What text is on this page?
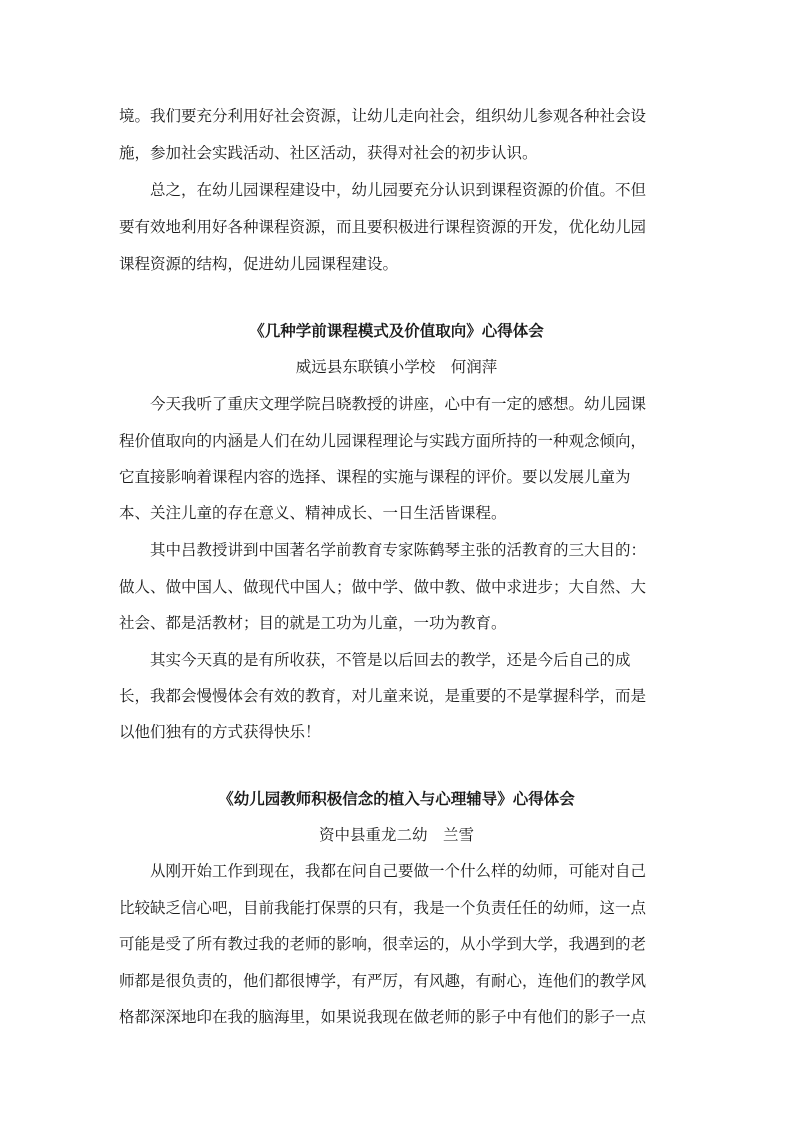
境。我们要充分利用好社会资源，让幼儿走向社会，组织幼儿参观各种社会设
施，参加社会实践活动、社区活动，获得对社会的初步认识。
总之，在幼儿园课程建设中，幼儿园要充分认识到课程资源的价值。不但
要有效地利用好各种课程资源，而且要积极进行课程资源的开发，优化幼儿园
课程资源的结构，促进幼儿园课程建设。
《几种学前课程模式及价值取向》心得体会
威远县东联镇小学校　何润萍
今天我听了重庆文理学院吕晓教授的讲座，心中有一定的感想。幼儿园课
程价值取向的内涵是人们在幼儿园课程理论与实践方面所持的一种观念倾向，
它直接影响着课程内容的选择、课程的实施与课程的评价。要以发展儿童为
本、关注儿童的存在意义、精神成长、一日生活皆课程。
其中吕教授讲到中国著名学前教育专家陈鹤琴主张的活教育的三大目的：
做人、做中国人、做现代中国人；做中学、做中教、做中求进步；大自然、大
社会、都是活教材；目的就是工功为儿童，一功为教育。
其实今天真的是有所收获，不管是以后回去的教学，还是今后自己的成
长，我都会慢慢体会有效的教育，对儿童来说，是重要的不是掌握科学，而是
以他们独有的方式获得快乐！
《幼儿园教师积极信念的植入与心理辅导》心得体会
资中县重龙二幼　兰雪
从刚开始工作到现在，我都在问自己要做一个什么样的幼师，可能对自己
比较缺乏信心吧，目前我能打保票的只有，我是一个负责任任的幼师，这一点
可能是受了所有教过我的老师的影响，很幸运的，从小学到大学，我遇到的老
师都是很负责的，他们都很博学，有严厉，有风趣，有耐心，连他们的教学风
格都深深地印在我的脑海里，如果说我现在做老师的影子中有他们的影子一点
